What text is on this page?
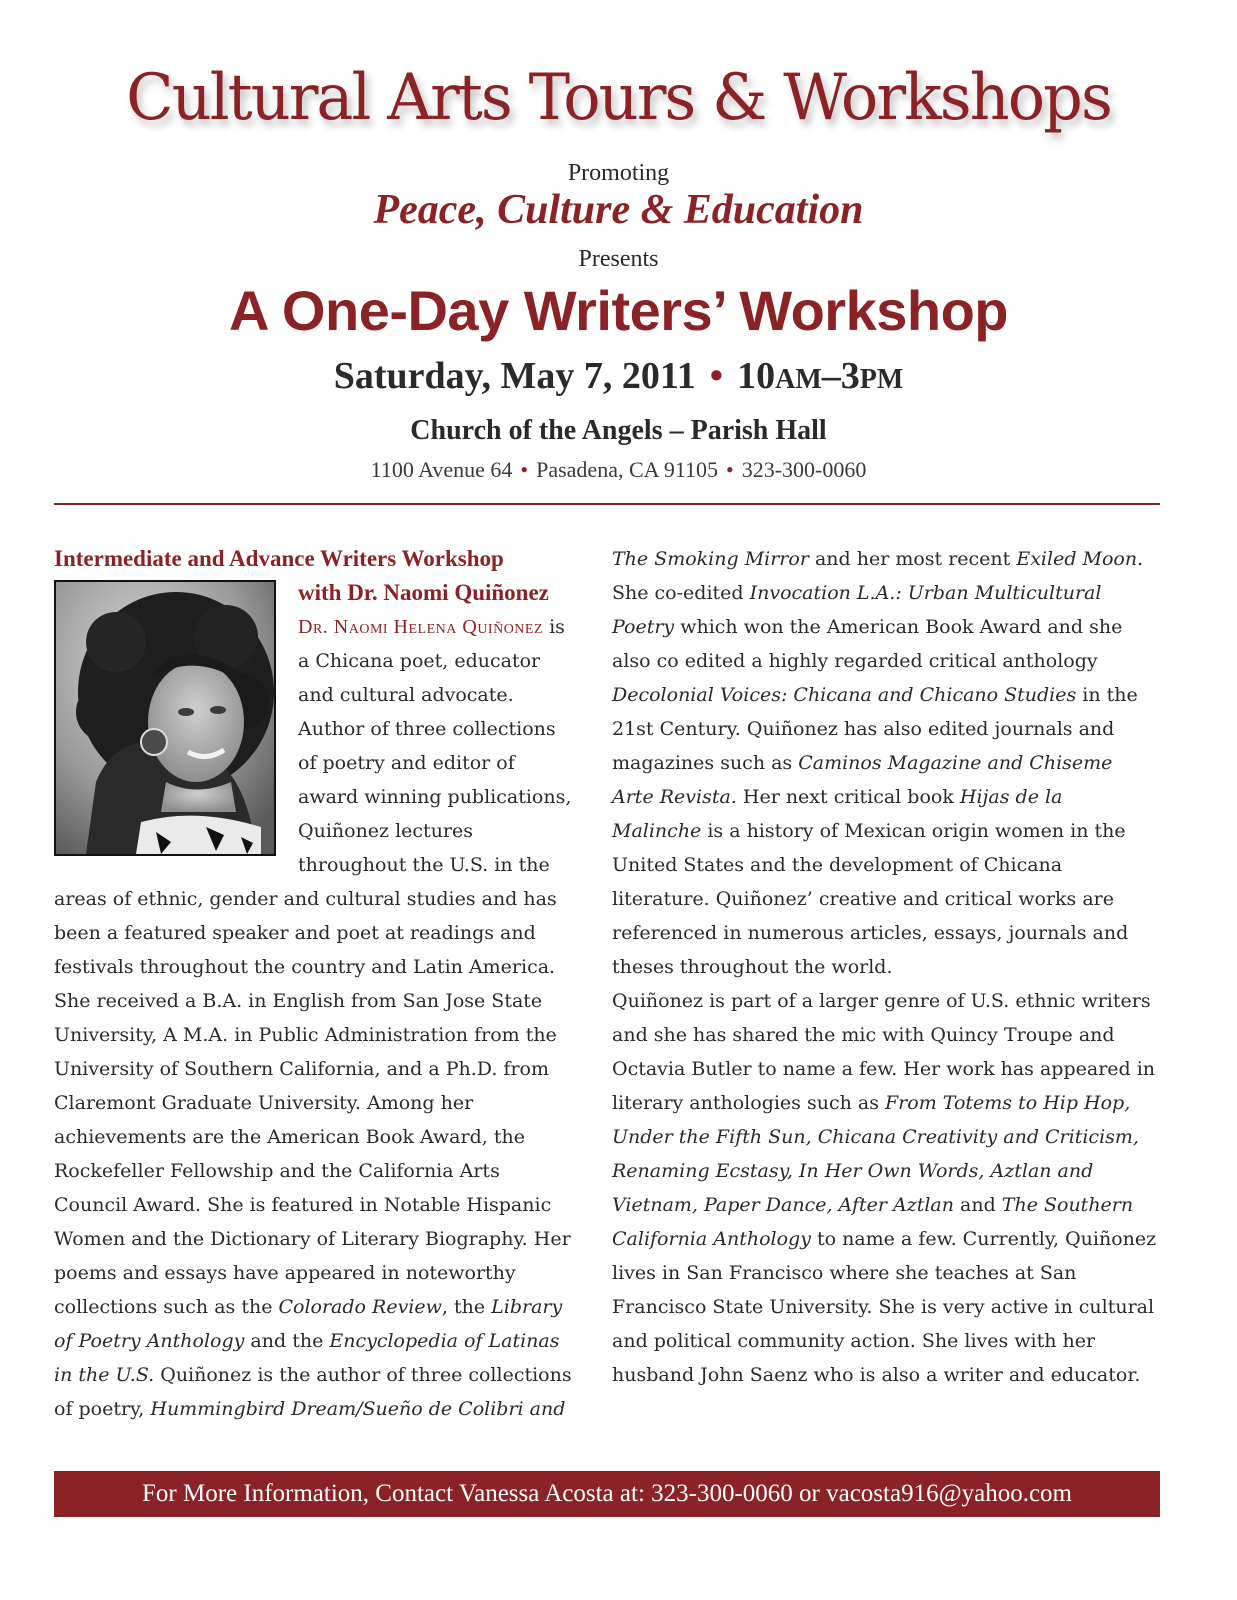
Cultural Arts Tours & Workshops
Promoting
Peace, Culture & Education
Presents
A One-Day Writers’ Workshop
Saturday, May 7, 2011 • 10AM–3PM
Church of the Angels – Parish Hall
1100 Avenue 64 • Pasadena, CA 91105 • 323-300-0060
Intermediate and Advance Writers Workshop
with Dr. Naomi Quiñonez

Dr. Naomi Helena Quiñonez is a Chicana poet, educator and cultural advocate. Author of three collections of poetry and editor of award winning publications, Quiñonez lectures throughout the U.S. in the areas of ethnic, gender and cultural studies and has been a featured speaker and poet at readings and festivals throughout the country and Latin America. She received a B.A. in English from San Jose State University, A M.A. in Public Administration from the University of Southern California, and a Ph.D. from Claremont Graduate University. Among her achievements are the American Book Award, the Rockefeller Fellowship and the California Arts Council Award. She is featured in Notable Hispanic Women and the Dictionary of Literary Biography. Her poems and essays have appeared in noteworthy collections such as the Colorado Review, the Library of Poetry Anthology and the Encyclopedia of Latinas in the U.S. Quiñonez is the author of three collections of poetry, Hummingbird Dream/Sueño de Colibri and

The Smoking Mirror and her most recent Exiled Moon. She co-edited Invocation L.A.: Urban Multicultural Poetry which won the American Book Award and she also co edited a highly regarded critical anthology Decolonial Voices: Chicana and Chicano Studies in the 21st Century. Quiñonez has also edited journals and magazines such as Caminos Magazine and Chiseme Arte Revista. Her next critical book Hijas de la Malinche is a history of Mexican origin women in the United States and the development of Chicana literature. Quiñonez’ creative and critical works are referenced in numerous articles, essays, journals and theses throughout the world.

Quiñonez is part of a larger genre of U.S. ethnic writers and she has shared the mic with Quincy Troupe and Octavia Butler to name a few. Her work has appeared in literary anthologies such as From Totems to Hip Hop, Under the Fifth Sun, Chicana Creativity and Criticism, Renaming Ecstasy, In Her Own Words, Aztlan and Vietnam, Paper Dance, After Aztlan and The Southern California Anthology to name a few. Currently, Quiñonez lives in San Francisco where she teaches at San Francisco State University. She is very active in cultural and political community action. She lives with her husband John Saenz who is also a writer and educator.

For More Information, Contact Vanessa Acosta at: 323-300-0060 or vacosta916@yahoo.com
